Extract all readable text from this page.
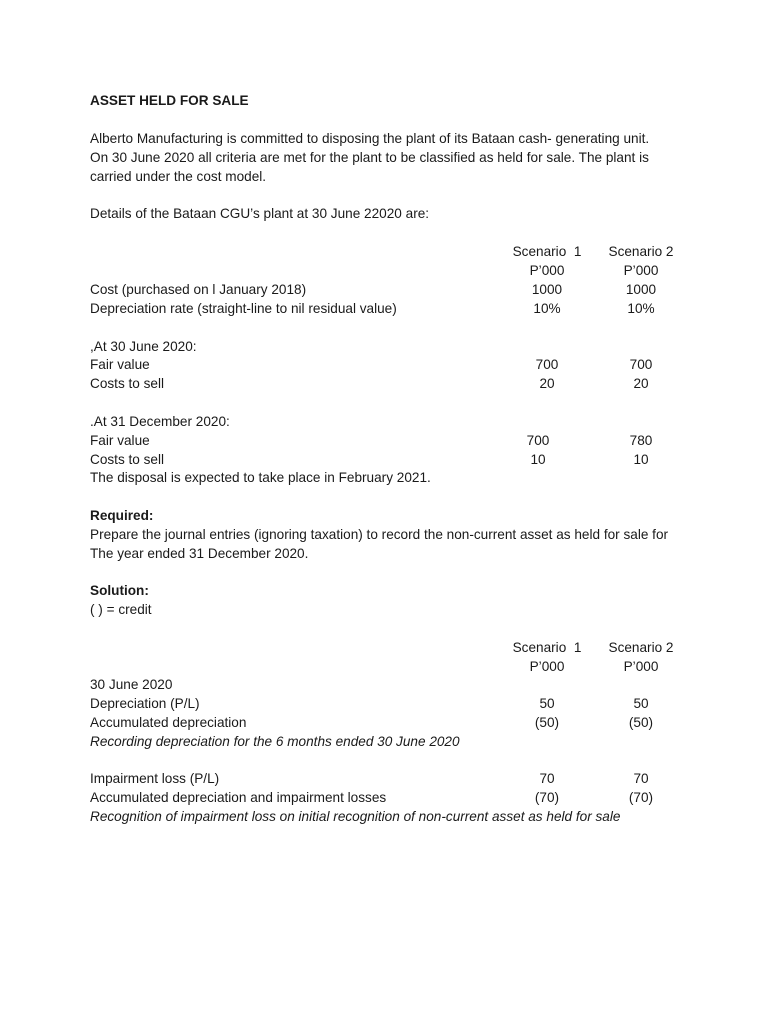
ASSET HELD FOR SALE
Alberto Manufacturing is committed to disposing the plant of its Bataan cash- generating unit.
On 30 June 2020 all criteria are met for the plant to be classified as held for sale. The plant is
carried under the cost model.
Details of the Bataan CGU’s plant at 30 June 22020 are:
Scenario  1	Scenario 2
P’000	P’000
Cost (purchased on l January 2018)	1000	1000
Depreciation rate (straight-line to nil residual value)	10%	10%
,At 30 June 2020:
Fair value	700	700
Costs to sell	20	20
.At 31 December 2020:
Fair value	700	780
Costs to sell	10	10
The disposal is expected to take place in February 2021.
Required:
Prepare the journal entries (ignoring taxation) to record the non-current asset as held for sale for
The year ended 31 December 2020.
Solution:
( ) = credit
Scenario  1	Scenario 2
P’000	P’000
30 June 2020
Depreciation (P/L)	50	50
Accumulated depreciation	(50)	(50)
Recording depreciation for the 6 months ended 30 June 2020
Impairment loss (P/L)	70	70
Accumulated depreciation and impairment losses	(70)	(70)
Recognition of impairment loss on initial recognition of non-current asset as held for sale
